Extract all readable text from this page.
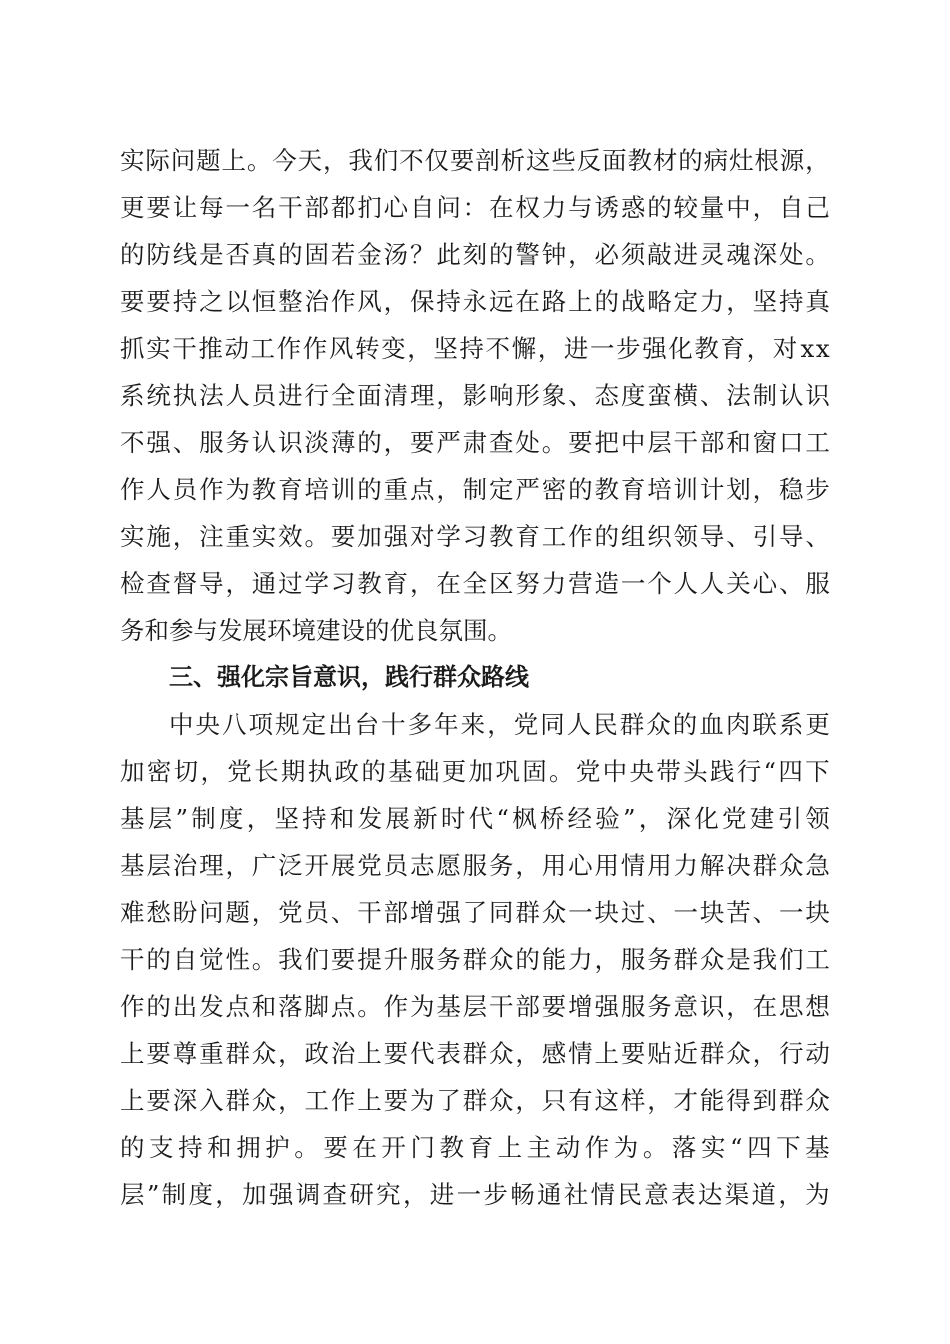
实 际 问 题 上 。 今 天 ， 我 们 不 仅 要 剖 析 这 些 反 面 教 材 的 病 灶 根 源 ，
更 要 让 每 一 名 干 部 都 扪 心 自 问 ： 在 权 力 与 诱 惑 的 较 量 中 ， 自 己
的 防 线 是 否 真 的 固 若 金 汤 ？ 此 刻 的 警 钟 ， 必 须 敲 进 灵 魂 深 处 。
要 要 持 之 以 恒 整 治 作 风 ， 保 持 永 远 在 路 上 的 战 略 定 力 ， 坚 持 真
抓 实 干 推 动 工 作 作 风 转 变 ， 坚 持 不 懈 ， 进 一 步 强 化 教 育 ， 对 x x
系 统 执 法 人 员 进 行 全 面 清 理 ， 影 响 形 象 、 态 度 蛮 横 、 法 制 认 识
不 强 、 服 务 认 识 淡 薄 的 ， 要 严 肃 查 处 。 要 把 中 层 干 部 和 窗 口 工
作 人 员 作 为 教 育 培 训 的 重 点 ， 制 定 严 密 的 教 育 培 训 计 划 ， 稳 步
实 施 ， 注 重 实 效 。 要 加 强 对 学 习 教 育 工 作 的 组 织 领 导 、 引 导 、
检 查 督 导 ， 通 过 学 习 教 育 ， 在 全 区 努 力 营 造 一 个 人 人 关 心 、 服
务和参与发展环境建设的优良氛围。
三、强化宗旨意识，践行群众路线
中 央 八 项 规 定 出 台 十 多 年 来 ， 党 同 人 民 群 众 的 血 肉 联 系 更
加 密 切 ， 党 长 期 执 政 的 基 础 更 加 巩 固 。 党 中 央 带 头 践 行 “ 四 下
基 层 ” 制 度 ， 坚 持 和 发 展 新 时 代 “ 枫 桥 经 验 ” ， 深 化 党 建 引 领
基 层 治 理 ， 广 泛 开 展 党 员 志 愿 服 务 ， 用 心 用 情 用 力 解 决 群 众 急
难 愁 盼 问 题 ， 党 员 、 干 部 增 强 了 同 群 众 一 块 过 、 一 块 苦 、 一 块
干 的 自 觉 性 。 我 们 要 提 升 服 务 群 众 的 能 力 ， 服 务 群 众 是 我 们 工
作 的 出 发 点 和 落 脚 点 。 作 为 基 层 干 部 要 增 强 服 务 意 识 ， 在 思 想
上 要 尊 重 群 众 ， 政 治 上 要 代 表 群 众 ， 感 情 上 要 贴 近 群 众 ， 行 动
上 要 深 入 群 众 ， 工 作 上 要 为 了 群 众 ， 只 有 这 样 ， 才 能 得 到 群 众
的 支 持 和 拥 护 。 要 在 开 门 教 育 上 主 动 作 为 。 落 实 “ 四 下 基
层 ” 制 度 ， 加 强 调 查 研 究 ， 进 一 步 畅 通 社 情 民 意 表 达 渠 道 ， 为
